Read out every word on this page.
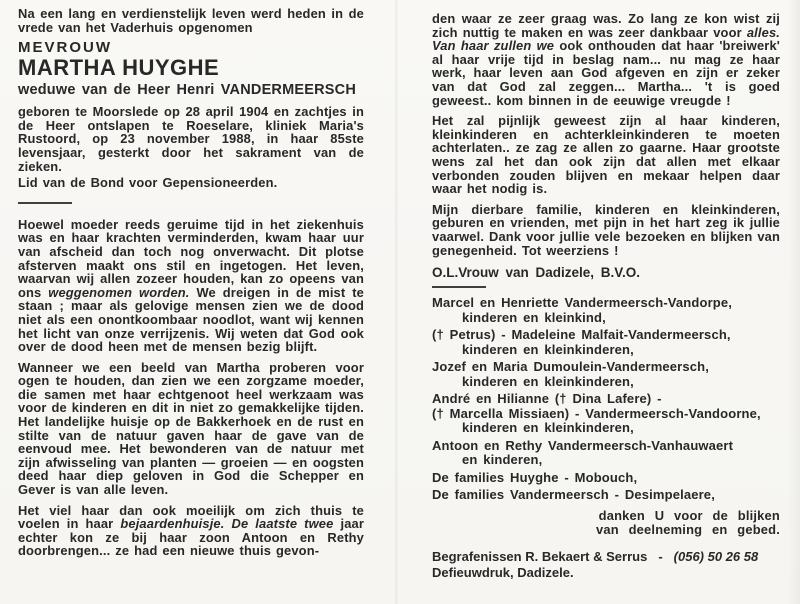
Na een lang en verdienstelijk leven werd heden in de vrede van het Vaderhuis opgenomen

MEVROUW
MARTHA HUYGHE
weduwe van de Heer Henri VANDERMEERSCH

geboren te Moorslede op 28 april 1904 en zachtjes in de Heer ontslapen te Roeselare, kliniek Maria's Rustoord, op 23 november 1988, in haar 85ste levensjaar, gesterkt door het sakrament van de zieken.

Lid van de Bond voor Gepensioneerden.

Hoewel moeder reeds geruime tijd in het ziekenhuis was en haar krachten verminderden, kwam haar uur van afscheid dan toch nog onverwacht. Dit plotse afsterven maakt ons stil en ingetogen. Het leven, waarvan wij allen zozeer houden, kan zo opeens van ons weggenomen worden. We dreigen in de mist te staan ; maar als gelovige mensen zien we de dood niet als een onontkoombaar noodlot, want wij kennen het licht van onze verrijzenis. Wij weten dat God ook over de dood heen met de mensen bezig blijft.

Wanneer we een beeld van Martha proberen voor ogen te houden, dan zien we een zorgzame moeder, die samen met haar echtgenoot heel werkzaam was voor de kinderen en dit in niet zo gemakkelijke tijden. Het landelijke huisje op de Bakkerhoek en de rust en stilte van de natuur gaven haar de gave van de eenvoud mee. Het bewonderen van de natuur met zijn afwisseling van planten — groeien — en oogsten deed haar diep geloven in God die Schepper en Gever is van alle leven.

Het viel haar dan ook moeilijk om zich thuis te voelen in haar bejaardenhuisje. De laatste twee jaar echter kon ze bij haar zoon Antoon en Rethy doorbrengen... ze had een nieuwe thuis gevon-

den waar ze zeer graag was. Zo lang ze kon wist zij zich nuttig te maken en was zeer dankbaar voor alles. Van haar zullen we ook onthouden dat haar 'breiwerk' al haar vrije tijd in beslag nam... nu mag ze haar werk, haar leven aan God afgeven en zijn er zeker van dat God zal zeggen... Martha... 't is goed geweest.. kom binnen in de eeuwige vreugde !

Het zal pijnlijk geweest zijn al haar kinderen, kleinkinderen en achterkleinkinderen te moeten achterlaten.. ze zag ze allen zo gaarne. Haar grootste wens zal het dan ook zijn dat allen met elkaar verbonden zouden blijven en mekaar helpen daar waar het nodig is.

Mijn dierbare familie, kinderen en kleinkinderen, geburen en vrienden, met pijn in het hart zeg ik jullie vaarwel. Dank voor jullie vele bezoeken en blijken van genegenheid. Tot weerziens !

O.L.Vrouw van Dadizele, B.V.O.
Marcel en Henriette Vandermeersch-Vandorpe,
kinderen en kleinkind,
(† Petrus) - Madeleine Malfait-Vandermeersch,
kinderen en kleinkinderen,
Jozef en Maria Dumoulein-Vandermeersch,
kinderen en kleinkinderen,
André en Hilianne († Dina Lafere) -
(† Marcella Missiaen) - Vandermeersch-Vandoorne,
kinderen en kleinkinderen,
Antoon en Rethy Vandermeersch-Vanhauwaert
en kinderen,
De families Huyghe - Mobouch,
De families Vandermeersch - Desimpelaere,
danken U voor de blijken
van deelneming en gebed.
Begrafenissen R. Bekaert & Serrus - (056) 50 26 58
Defieuwdruk, Dadizele.
